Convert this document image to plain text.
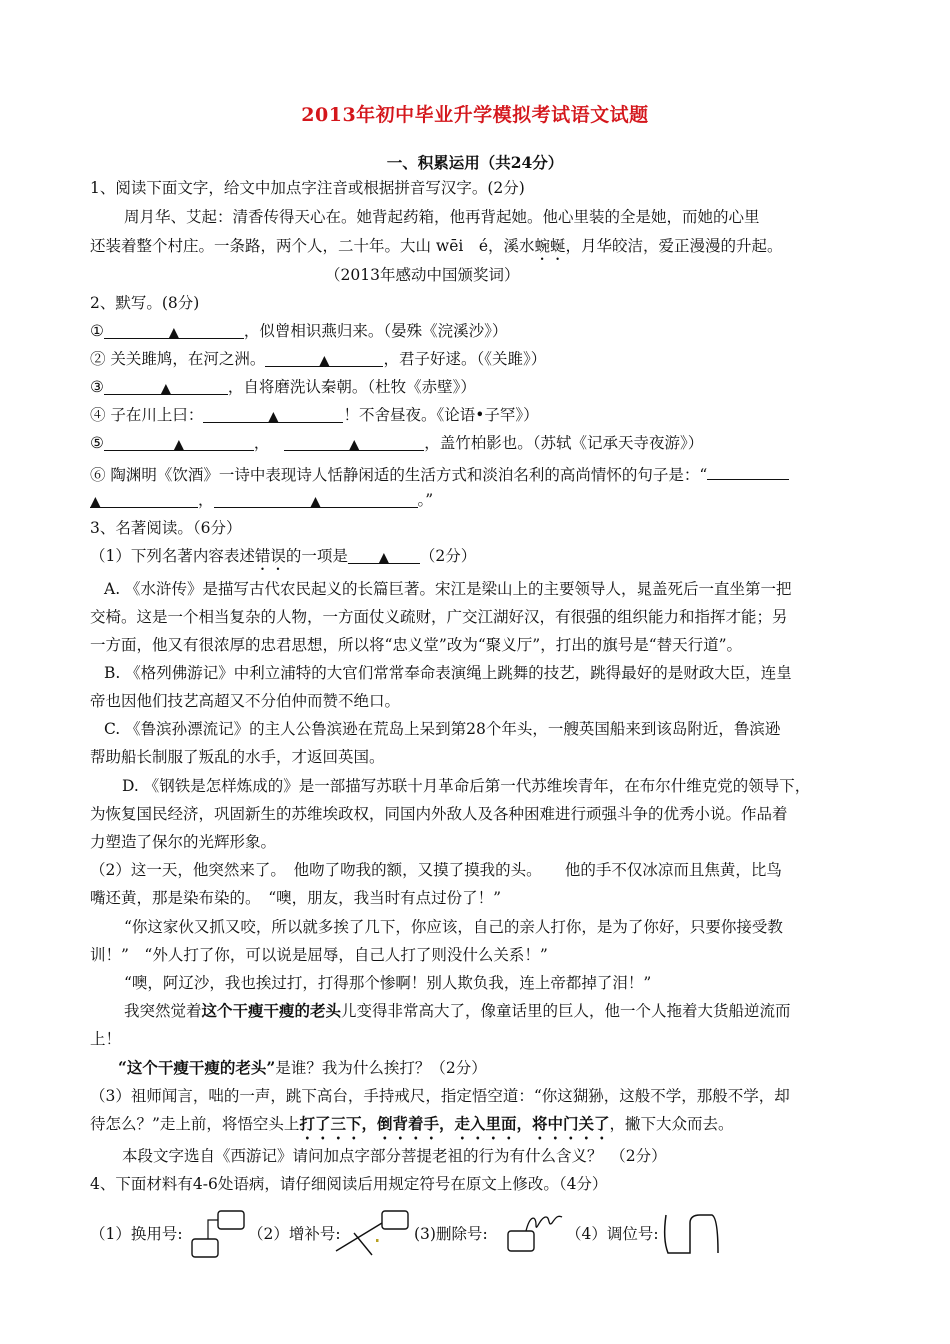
2013年初中毕业升学模拟考试语文试题
一、积累运用（共24分）
1、阅读下面文字，给文中加点字注音或根据拼音写汉字。(2分)
周月华、艾起：清香传得天心在。她背起药箱，他再背起她。他心里装的全是她，而她的心里
还装着整个村庄。一条路，两个人，二十年。大山 wēi　é，溪水蜿蜒，月华皎洁，爱正漫漫的升起。
（2013年感动中国颁奖词）
2、默写。(8分)
①	▲	，似曾相识燕归来。（晏殊《浣溪沙》）
② 关关雎鸠，在河之洲。	▲	，君子好逑。（《关雎》）
③	▲	，自将磨洗认秦朝。（杜牧《赤壁》）
④ 子在川上曰：	▲	！不舍昼夜。《论语•子罕》）
⑤	▲	，	▲	，盖竹柏影也。（苏轼《记承天寺夜游》）
⑥ 陶渊明《饮酒》一诗中表现诗人恬静闲适的生活方式和淡泊名利的高尚情怀的句子是：“
▲	，	▲	。”
3、名著阅读。（6分）
（1）下列名著内容表述错误的一项是 ▲ （2分）
A. 《水浒传》是描写古代农民起义的长篇巨著。宋江是梁山上的主要领导人，晁盖死后一直坐第一把
交椅。这是一个相当复杂的人物，一方面仗义疏财，广交江湖好汉，有很强的组织能力和指挥才能；另
一方面，他又有很浓厚的忠君思想，所以将“忠义堂”改为“聚义厅”，打出的旗号是“替天行道”。
B. 《格列佛游记》中利立浦特的大官们常常奉命表演绳上跳舞的技艺，跳得最好的是财政大臣，连皇
帝也因他们技艺高超又不分伯仲而赞不绝口。
C. 《鲁滨孙漂流记》的主人公鲁滨逊在荒岛上呆到第28个年头，一艘英国船来到该岛附近，鲁滨逊
帮助船长制服了叛乱的水手，才返回英国。
D. 《钢铁是怎样炼成的》是一部描写苏联十月革命后第一代苏维埃青年，在布尔什维克党的领导下，
为恢复国民经济，巩固新生的苏维埃政权，同国内外敌人及各种困难进行顽强斗争的优秀小说。作品着
力塑造了保尔的光辉形象。
（2）这一天，他突然来了。　他吻了吻我的额，又摸了摸我的头。　　他的手不仅冰凉而且焦黄，比鸟
嘴还黄，那是染布染的。　“噢，朋友，我当时有点过份了！”
“你这家伙又抓又咬，所以就多挨了几下，你应该，自己的亲人打你，是为了你好，只要你接受教
训！”　“外人打了你，可以说是屈辱，自己人打了则没什么关系！”
“噢，阿辽沙，我也挨过打，打得那个惨啊！别人欺负我，连上帝都掉了泪！”
我突然觉着这个干瘦干瘦的老头儿变得非常高大了，像童话里的巨人，他一个人拖着大货船逆流而
上！
“这个干瘦干瘦的老头”是谁？我为什么挨打？（2分）
（3）祖师闻言，咄的一声，跳下高台，手持戒尺，指定悟空道：“你这猢狲，这般不学，那般不学，却
待怎么？”走上前，将悟空头上打了三下，倒背着手，走入里面，将中门关了，撇下大众而去。
本段文字选自《西游记》请问加点字部分菩提老祖的行为有什么含义？　（2分）
4、下面材料有4-6处语病，请仔细阅读后用规定符号在原文上修改。（4分）
（1）换用号:	（2）增补号:	(3)删除号:	（4）调位号:
